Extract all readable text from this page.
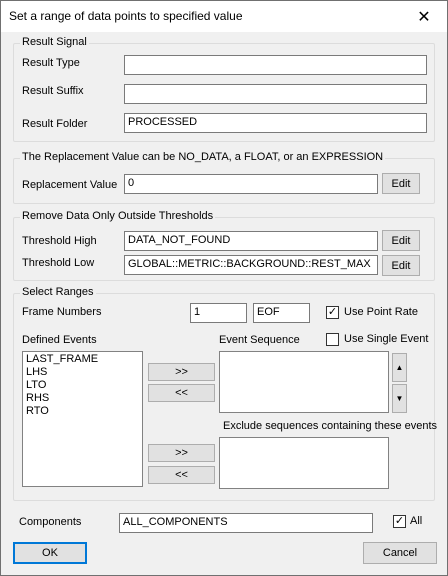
Set a range of data points to specified value	✕
Result Signal
Result Type
Result Suffix
Result Folder	PROCESSED
The Replacement Value can be NO_DATA, a FLOAT, or an EXPRESSION
Replacement Value 0	Edit
Remove Data Only Outside Thresholds
Threshold High	DATA_NOT_FOUND	Edit
Threshold Low	GLOBAL::METRIC::BACKGROUND::REST_MAX	Edit
Select Ranges
Frame Numbers	1	EOF	✓ Use Point Rate
Defined Events	Event Sequence	Use Single Event
LAST_FRAME
LHS
LTO
RHS
RTO
>>
<<
▲
▼
Exclude sequences containing these events
>>
<<
Components	ALL_COMPONENTS	✓ All
OK	Cancel
